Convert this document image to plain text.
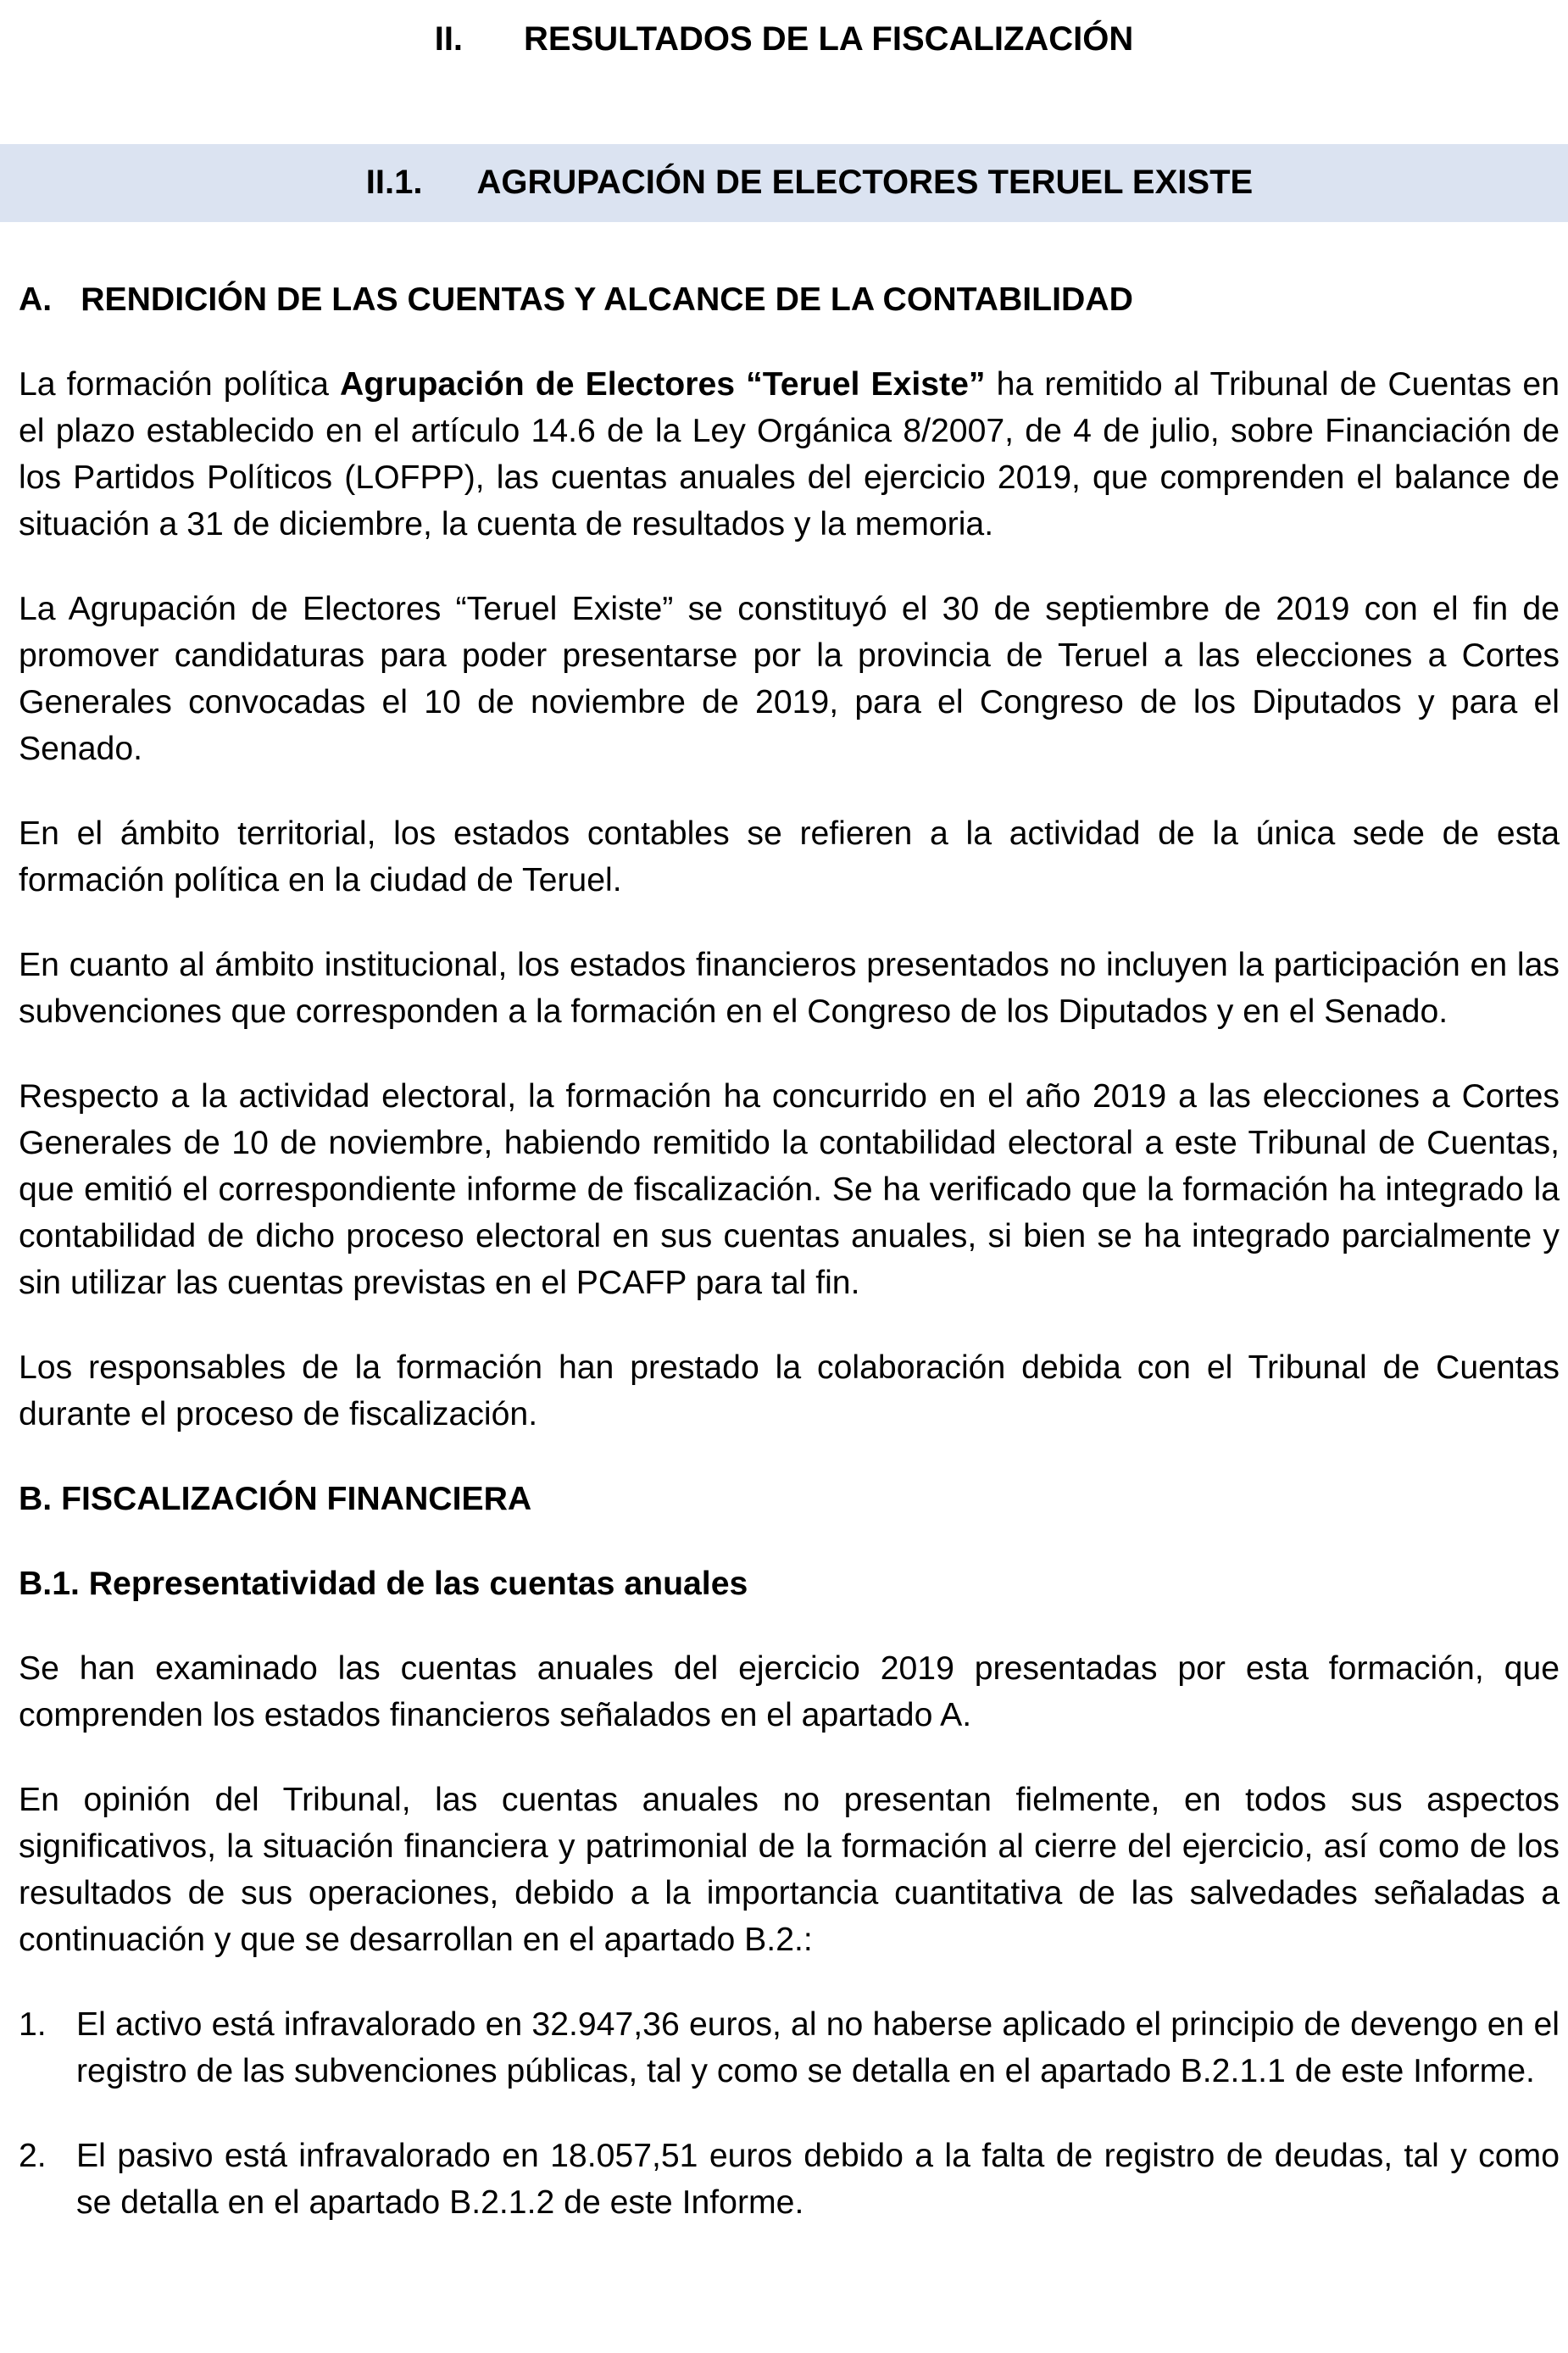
II. RESULTADOS DE LA FISCALIZACIÓN
II.1. AGRUPACIÓN DE ELECTORES TERUEL EXISTE
A. RENDICIÓN DE LAS CUENTAS Y ALCANCE DE LA CONTABILIDAD

La formación política Agrupación de Electores “Teruel Existe” ha remitido al Tribunal de Cuentas en el plazo establecido en el artículo 14.6 de la Ley Orgánica 8/2007, de 4 de julio, sobre Financiación de los Partidos Políticos (LOFPP), las cuentas anuales del ejercicio 2019, que comprenden el balance de situación a 31 de diciembre, la cuenta de resultados y la memoria.

La Agrupación de Electores “Teruel Existe” se constituyó el 30 de septiembre de 2019 con el fin de promover candidaturas para poder presentarse por la provincia de Teruel a las elecciones a Cortes Generales convocadas el 10 de noviembre de 2019, para el Congreso de los Diputados y para el Senado.

En el ámbito territorial, los estados contables se refieren a la actividad de la única sede de esta formación política en la ciudad de Teruel.

En cuanto al ámbito institucional, los estados financieros presentados no incluyen la participación en las subvenciones que corresponden a la formación en el Congreso de los Diputados y en el Senado.

Respecto a la actividad electoral, la formación ha concurrido en el año 2019 a las elecciones a Cortes Generales de 10 de noviembre, habiendo remitido la contabilidad electoral a este Tribunal de Cuentas, que emitió el correspondiente informe de fiscalización. Se ha verificado que la formación ha integrado la contabilidad de dicho proceso electoral en sus cuentas anuales, si bien se ha integrado parcialmente y sin utilizar las cuentas previstas en el PCAFP para tal fin.

Los responsables de la formación han prestado la colaboración debida con el Tribunal de Cuentas durante el proceso de fiscalización.

B. FISCALIZACIÓN FINANCIERA
B.1. Representatividad de las cuentas anuales

Se han examinado las cuentas anuales del ejercicio 2019 presentadas por esta formación, que comprenden los estados financieros señalados en el apartado A.

En opinión del Tribunal, las cuentas anuales no presentan fielmente, en todos sus aspectos significativos, la situación financiera y patrimonial de la formación al cierre del ejercicio, así como de los resultados de sus operaciones, debido a la importancia cuantitativa de las salvedades señaladas a continuación y que se desarrollan en el apartado B.2.:

1. El activo está infravalorado en 32.947,36 euros, al no haberse aplicado el principio de devengo en el registro de las subvenciones públicas, tal y como se detalla en el apartado B.2.1.1 de este Informe.
2. El pasivo está infravalorado en 18.057,51 euros debido a la falta de registro de deudas, tal y como se detalla en el apartado B.2.1.2 de este Informe.
